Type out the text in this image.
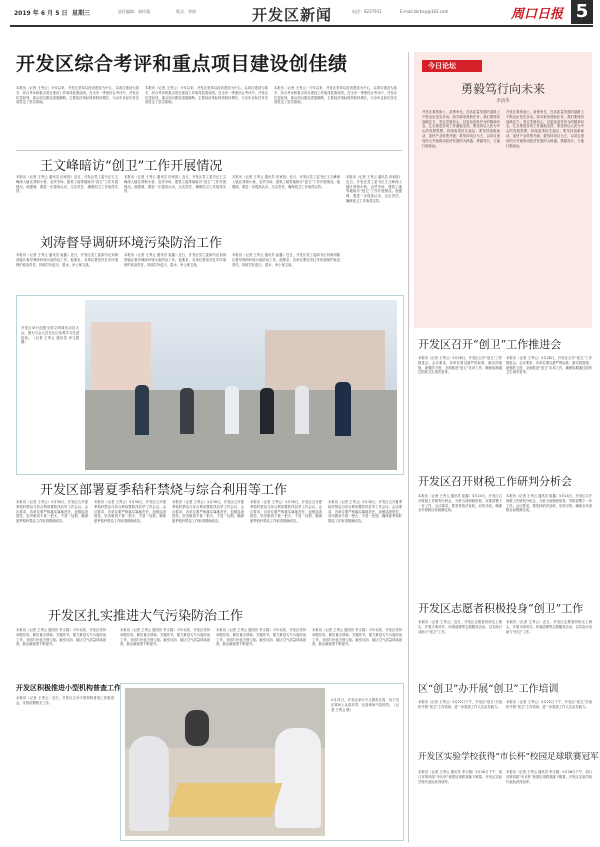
2019 年 6 月 5 日 星期三	责任编辑：郭传露	版式：李倩	开发区新闻	电话：8227911	E-mail:zkrbsy@163.com	周口日报 5
开发区综合考评和重点项目建设创佳绩
本报讯（记者 王秀云）今年以来，开发区坚持以经济建设为中心，以项目建设为抓手，综合考评和重点项目建设工作取得显著成绩。在全市一季度综合考评中，开发区位居前列，重点项目建设进展顺利，主要经济指标保持较快增长，为全年目标任务完成奠定了坚实基础。
本报讯（记者 王秀云）今年以来，开发区坚持以经济建设为中心，以项目建设为抓手，综合考评和重点项目建设工作取得显著成绩。在全市一季度综合考评中，开发区位居前列，重点项目建设进展顺利，主要经济指标保持较快增长，为全年目标任务完成奠定了坚实基础。
本报讯（记者 王秀云）今年以来，开发区坚持以经济建设为中心，以项目建设为抓手，综合考评和重点项目建设工作取得显著成绩。在全市一季度综合考评中，开发区位居前列，重点项目建设进展顺利，主要经济指标保持较快增长，为全年目标任务完成奠定了坚实基础。
王文峰暗访“创卫”工作开展情况
本报讯（记者 王秀云 通讯员 田家凯）近日，开发区党工委书记王文峰深入辖区背街小巷、农贸市场、建筑工地等地暗访“创卫”工作开展情况。他强调，要进一步提高认识，压实责任，确保创卫工作取得实效。
本报讯（记者 王秀云 通讯员 田家凯）近日，开发区党工委书记王文峰深入辖区背街小巷、农贸市场、建筑工地等地暗访“创卫”工作开展情况。他强调，要进一步提高认识，压实责任，确保创卫工作取得实效。
本报讯（记者 王秀云 通讯员 田家凯）近日，开发区党工委书记王文峰深入辖区背街小巷、农贸市场、建筑工地等地暗访“创卫”工作开展情况。他强调，要进一步提高认识，压实责任，确保创卫工作取得实效。
刘涛督导调研环境污染防治工作
本报讯（记者 王秀云 通讯员 崔鑫）近日，开发区党工委副书记刘涛到辖区督导调研环境污染防治工作。他要求，各单位要坚决扛牢环境保护政治责任，持续打好蓝天、碧水、净土保卫战。
本报讯（记者 王秀云 通讯员 崔鑫）近日，开发区党工委副书记刘涛到辖区督导调研环境污染防治工作。他要求，各单位要坚决扛牢环境保护政治责任，持续打好蓝天、碧水、净土保卫战。
本报讯（记者 王秀云 通讯员 崔鑫）近日，开发区党工委副书记刘涛到辖区督导调研环境污染防治工作。他要求，各单位要坚决扛牢环境保护政治责任，持续打好蓝天、碧水、净土保卫战。
本报讯（记者 王秀云 通讯员 田家凯）近日，开发区党工委书记王文峰深入辖区背街小巷、农贸市场、建筑工地等地暗访“创卫”工作开展情况。他强调，要进一步提高认识，压实责任，确保创卫工作取得实效。
开发区举行创建全国文明城市动员大会。图为与会人员在社区参观学习先进经验。（记者 王秀云 通讯员 李文娟 摄）
开发区部署夏季秸秆禁烧与综合利用等工作
本报讯（记者 王秀云）5月30日，开发区召开夏季秸秆禁烧与综合利用暨防汛抗旱工作会议。会议要求，各单位要严格落实属地责任，加强巡查管控，坚决做到不着一把火、不冒一处烟，确保夏季秸秆禁烧工作取得圆满成功。
本报讯（记者 王秀云）5月30日，开发区召开夏季秸秆禁烧与综合利用暨防汛抗旱工作会议。会议要求，各单位要严格落实属地责任，加强巡查管控，坚决做到不着一把火、不冒一处烟，确保夏季秸秆禁烧工作取得圆满成功。
本报讯（记者 王秀云）5月30日，开发区召开夏季秸秆禁烧与综合利用暨防汛抗旱工作会议。会议要求，各单位要严格落实属地责任，加强巡查管控，坚决做到不着一把火、不冒一处烟，确保夏季秸秆禁烧工作取得圆满成功。
本报讯（记者 王秀云）5月30日，开发区召开夏季秸秆禁烧与综合利用暨防汛抗旱工作会议。会议要求，各单位要严格落实属地责任，加强巡查管控，坚决做到不着一把火、不冒一处烟，确保夏季秸秆禁烧工作取得圆满成功。
本报讯（记者 王秀云）5月30日，开发区召开夏季秸秆禁烧与综合利用暨防汛抗旱工作会议。会议要求，各单位要严格落实属地责任，加强巡查管控，坚决做到不着一把火、不冒一处烟，确保夏季秸秆禁烧工作取得圆满成功。
开发区扎实推进大气污染防治工作
本报讯（记者 王秀云 通讯员 李文娟）今年以来，开发区坚持问题导向，紧盯重点领域、关键环节，强力推进大气污染防治工作，全面打好蓝天保卫战。截至目前，辖区空气质量持续改善，群众满意度不断提升。
本报讯（记者 王秀云 通讯员 李文娟）今年以来，开发区坚持问题导向，紧盯重点领域、关键环节，强力推进大气污染防治工作，全面打好蓝天保卫战。截至目前，辖区空气质量持续改善，群众满意度不断提升。
本报讯（记者 王秀云 通讯员 李文娟）今年以来，开发区坚持问题导向，紧盯重点领域、关键环节，强力推进大气污染防治工作，全面打好蓝天保卫战。截至目前，辖区空气质量持续改善，群众满意度不断提升。
本报讯（记者 王秀云 通讯员 李文娟）今年以来，开发区坚持问题导向，紧盯重点领域、关键环节，强力推进大气污染防治工作，全面打好蓝天保卫战。截至目前，辖区空气质量持续改善，群众满意度不断提升。
开发区积极推进小型机构普查工作
本报讯（记者 王秀云）近日，开发区召开小型机构普查工作推进会，安排部署相关工作。
5月31日，开发区举行少儿棋类比赛，孩子们在赛场上认真对弈，比赛现场气氛热烈。（记者 王秀云 摄）
今日论坛
勇毅笃行向未来
李清华
开发区乘势而上、奋勇争先，在高质量发展的道路上不断迈出坚实步伐。面对新形势新任务，我们要保持战略定力，坚定发展信心，以更加奋发有为的精神状态，扎实推进各项工作落地见效。要坚持以人民为中心的发展思想，持续改善民生福祉；要坚持创新驱动，加快产业转型升级；要坚持项目为王，以项目建设的大突破推动经济发展的大跨越。勇毅笃行，方能行稳致远。
开发区乘势而上、奋勇争先，在高质量发展的道路上不断迈出坚实步伐。面对新形势新任务，我们要保持战略定力，坚定发展信心，以更加奋发有为的精神状态，扎实推进各项工作落地见效。要坚持以人民为中心的发展思想，持续改善民生福祉；要坚持创新驱动，加快产业转型升级；要坚持项目为王，以项目建设的大突破推动经济发展的大跨越。勇毅笃行，方能行稳致远。
开发区召开“创卫”工作推进会
本报讯（记者 王秀云）5月28日，开发区召开“创卫”工作推进会。会议要求，各单位要以最严的标准、最实的措施、最强的力度，全面推进“创卫”各项工作，确保如期通过国家卫生城市复审。
本报讯（记者 王秀云）5月28日，开发区召开“创卫”工作推进会。会议要求，各单位要以最严的标准、最实的措施、最强的力度，全面推进“创卫”各项工作，确保如期通过国家卫生城市复审。
开发区召开财税工作研判分析会
本报讯（记者 王秀云 通讯员 崔鑫）5月24日，开发区召开财税工作研判分析会，分析当前财税形势，安排部署下一步工作。会议要求，要坚持依法征收，应收尽收，确保全年财税目标圆满完成。
本报讯（记者 王秀云 通讯员 崔鑫）5月24日，开发区召开财税工作研判分析会，分析当前财税形势，安排部署下一步工作。会议要求，要坚持依法征收，应收尽收，确保全年财税目标圆满完成。
开发区志愿者积极投身“创卫”工作
本报讯（记者 王秀云）近日，开发区志愿者纷纷走上街头，开展文明劝导、环境清理等志愿服务活动，以实际行动助力“创卫”工作。
本报讯（记者 王秀云）近日，开发区志愿者纷纷走上街头，开展文明劝导、环境清理等志愿服务活动，以实际行动助力“创卫”工作。
区“创卫”办开展“创卫”工作培训
本报讯（记者 王秀云）5月22日下午，开发区“创卫”办组织开展“创卫”工作培训，进一步提高工作人员业务能力。
本报讯（记者 王秀云）5月22日下午，开发区“创卫”办组织开展“创卫”工作培训，进一步提高工作人员业务能力。
开发区实验学校获得“市长杯”校园足球联赛冠军
本报讯（记者 王秀云 通讯员 李文娟）5月26日下午，周口市第四届“市长杯”校园足球联赛落下帷幕，开发区实验学校代表队获得冠军。
本报讯（记者 王秀云 通讯员 李文娟）5月26日下午，周口市第四届“市长杯”校园足球联赛落下帷幕，开发区实验学校代表队获得冠军。
